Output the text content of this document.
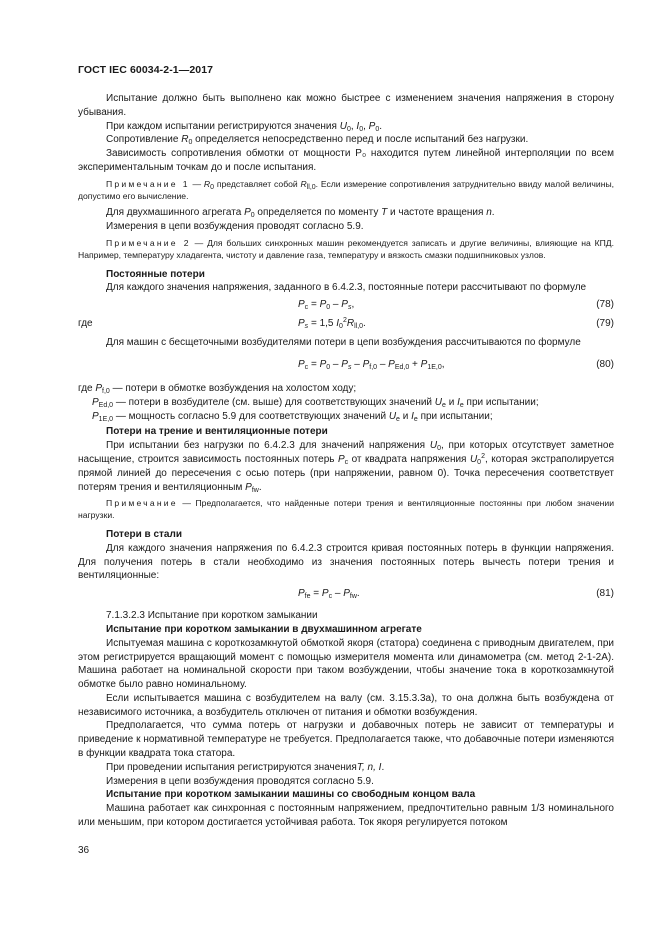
ГОСТ IEC 60034-2-1—2017

Испытание должно быть выполнено как можно быстрее с изменением значения напряжения в сторону убывания.

При каждом испытании регистрируются значения $U_0$, $I_0$, $P_0$.

Сопротивление $R_0$ определяется непосредственно перед и после испытаний без нагрузки.

Зависимость сопротивления обмотки от мощности P₀ находится путем линейной интерполяции по всем экспериментальным точкам до и после испытания.

Примечание 1 — $R_0$ представляет собой $R_{ll,0}$. Если измерение сопротивления затруднительно ввиду малой величины, допустимо его вычисление.

Для двухмашинного агрегата $P_0$ определяется по моменту T и частоте вращения n.

Измерения в цепи возбуждения проводят согласно 5.9.

Примечание 2 — Для больших синхронных машин рекомендуется записать и другие величины, влияющие на КПД. Например, температуру хладагента, чистоту и давление газа, температуру и вязкость смазки подшипниковых узлов.

Постоянные потери

Для каждого значения напряжения, заданного в 6.4.2.3, постоянные потери рассчитывают по формуле

$P_c = P_0 - P_s$,	(78)
где	$P_s = 1,5$ $I_0^2R_{ll,0}$.	(79)

Для машин с бесщеточными возбудителями потери в цепи возбуждения рассчитываются по формуле

$P_c = P_0 - P_s - P_{f,0} - P_{Ed,0} + P_{1E,0}$,	(80)

где $P_{f,0}$ — потери в обмотке возбуждения на холостом ходу;

$P_{Ed,0}$ — потери в возбудителе (см. выше) для соответствующих значений $U_e$ и $I_e$ при испытании;

$P_{1E,0}$ — мощность согласно 5.9 для соответствующих значений $U_e$ и $I_e$ при испытании;

Потери на трение и вентиляционные потери

При испытании без нагрузки по 6.4.2.3 для значений напряжения $U_0$, при которых отсутствует заметное насыщение, строится зависимость постоянных потерь $P_c$ от квадрата напряжения $U_0^2$, которая экстраполируется прямой линией до пересечения с осью потерь (при напряжении, равном 0). Точка пересечения соответствует потерям трения и вентиляционным $P_{fw}$.

Примечание — Предполагается, что найденные потери трения и вентиляционные постоянны при любом значении нагрузки.

Потери в стали

Для каждого значения напряжения по 6.4.2.3 строится кривая постоянных потерь в функции напряжения. Для получения потерь в стали необходимо из значения постоянных потерь вычесть потери трения и вентиляционные:

$P_{fe} = P_c - P_{fw}$.	(81)

7.1.3.2.3 Испытание при коротком замыкании

Испытание при коротком замыкании в двухмашинном агрегате

Испытуемая машина с короткозамкнутой обмоткой якоря (статора) соединена с приводным двигателем, при этом регистрируется вращающий момент с помощью измерителя момента или динамометра (см. метод 2-1-2А). Машина работает на номинальной скорости при таком возбуждении, чтобы значение тока в короткозамкнутой обмотке было равно номинальному.

Если испытывается машина с возбудителем на валу (см. 3.15.3.3а), то она должна быть возбуждена от независимого источника, а возбудитель отключен от питания и обмотки возбуждения.

Предполагается, что сумма потерь от нагрузки и добавочных потерь не зависит от температуры и приведение к нормативной температуре не требуется. Предполагается также, что добавочные потери изменяются в функции квадрата тока статора.

При проведении испытания регистрируются значенияT, n, I.

Измерения в цепи возбуждения проводятся согласно 5.9.

Испытание при коротком замыкании машины со свободным концом вала

Машина работает как синхронная с постоянным напряжением, предпочтительно равным 1/3 номинального или меньшим, при котором достигается устойчивая работа. Ток якоря регулируется потоком

36
